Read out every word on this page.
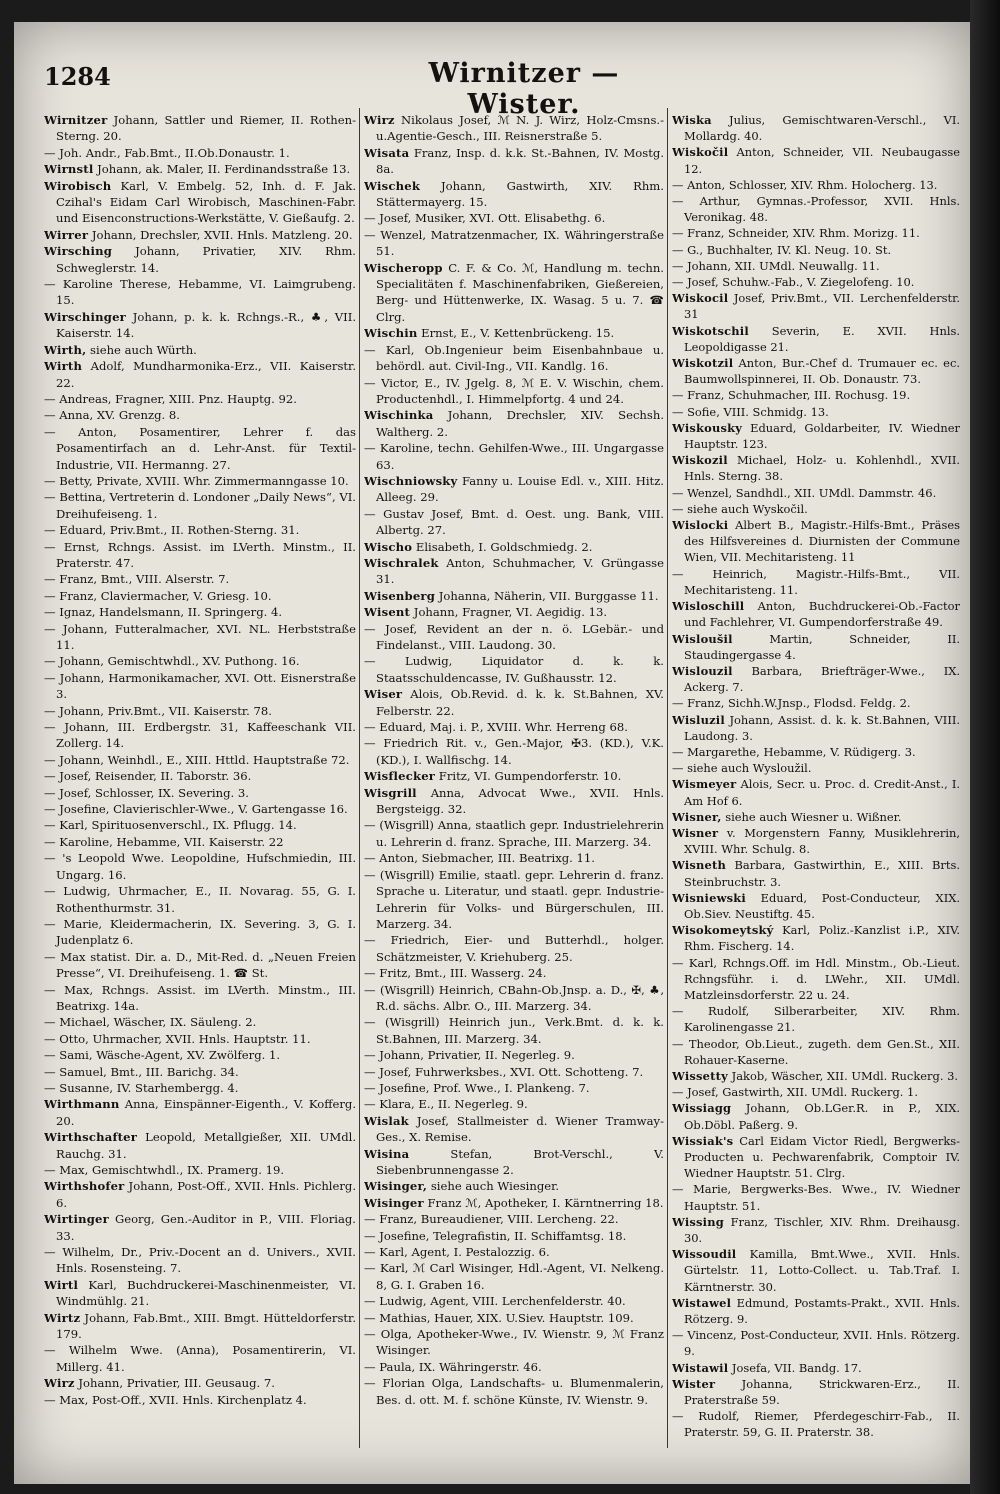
1284	Wirnitzer — Wister.

Wirnitzer Johann, Sattler und Riemer, II. Rothen-Sterng. 20.

— Joh. Andr., Fab.Bmt., II.Ob.Donaustr. 1.

Wirnstl Johann, ak. Maler, II. Ferdinandsstraße 13.

Wirobisch Karl, V. Embelg. 52, Inh. d. F. Jak. Czihal's Eidam Carl Wirobisch, Maschinen-Fabr. und Eisenconstructions-Werkstätte, V. Gießaufg. 2.

Wirrer Johann, Drechsler, XVII. Hnls. Matzleng. 20.

Wirsching Johann, Privatier, XIV. Rhm. Schweglerstr. 14.

— Karoline Therese, Hebamme, VI. Laimgrubeng. 15.

Wirschinger Johann, p. k. k. Rchngs.-R., ♣, VII. Kaiserstr. 14.

Wirth, siehe auch Würth.

Wirth Adolf, Mundharmonika-Erz., VII. Kaiserstr. 22.

— Andreas, Fragner, XIII. Pnz. Hauptg. 92.

— Anna, XV. Grenzg. 8.

— Anton, Posamentirer, Lehrer f. das Posamentirfach an d. Lehr-Anst. für Textil-Industrie, VII. Hermanng. 27.

— Betty, Private, XVIII. Whr. Zimmermanngasse 10.

— Bettina, Vertreterin d. Londoner „Daily News“, VI. Dreihufeiseng. 1.

— Eduard, Priv.Bmt., II. Rothen-Sterng. 31.

— Ernst, Rchngs. Assist. im LVerth. Minstm., II. Praterstr. 47.

— Franz, Bmt., VIII. Alserstr. 7.

— Franz, Claviermacher, V. Griesg. 10.

— Ignaz, Handelsmann, II. Springerg. 4.

— Johann, Futteralmacher, XVI. NL. Herbststraße 11.

— Johann, Gemischtwhdl., XV. Puthong. 16.

— Johann, Harmonikamacher, XVI. Ott. Eisnerstraße 3.

— Johann, Priv.Bmt., VII. Kaiserstr. 78.

— Johann, III. Erdbergstr. 31, Kaffeeschank VII. Zollerg. 14.

— Johann, Weinhdl., E., XIII. Httld. Hauptstraße 72.

— Josef, Reisender, II. Taborstr. 36.

— Josef, Schlosser, IX. Severing. 3.

— Josefine, Clavierischler-Wwe., V. Gartengasse 16.

— Karl, Spirituosenverschl., IX. Pflugg. 14.

— Karoline, Hebamme, VII. Kaiserstr. 22

— 's Leopold Wwe. Leopoldine, Hufschmiedin, III. Ungarg. 16.

— Ludwig, Uhrmacher, E., II. Novarag. 55, G. I. Rothenthurmstr. 31.

— Marie, Kleidermacherin, IX. Severing. 3, G. I. Judenplatz 6.

— Max statist. Dir. a. D., Mit-Red. d. „Neuen Freien Presse“, VI. Dreihufeiseng. 1. ☎ St.

— Max, Rchngs. Assist. im LVerth. Minstm., III. Beatrixg. 14a.

— Michael, Wäscher, IX. Säuleng. 2.

— Otto, Uhrmacher, XVII. Hnls. Hauptstr. 11.

— Sami, Wäsche-Agent, XV. Zwölferg. 1.

— Samuel, Bmt., III. Barichg. 34.

— Susanne, IV. Starhembergg. 4.

Wirthmann Anna, Einspänner-Eigenth., V. Kofferg. 20.

Wirthschafter Leopold, Metallgießer, XII. UMdl. Rauchg. 31.

— Max, Gemischtwhdl., IX. Pramerg. 19.

Wirthshofer Johann, Post-Off., XVII. Hnls. Pichlerg. 6.

Wirtinger Georg, Gen.-Auditor in P., VIII. Floriag. 33.

— Wilhelm, Dr., Priv.-Docent an d. Univers., XVII. Hnls. Rosensteing. 7.

Wirtl Karl, Buchdruckerei-Maschinenmeister, VI. Windmühlg. 21.

Wirtz Johann, Fab.Bmt., XIII. Bmgt. Hütteldorferstr. 179.

— Wilhelm Wwe. (Anna), Posamentirerin, VI. Millerg. 41.

Wirz Johann, Privatier, III. Geusaug. 7.

— Max, Post-Off., XVII. Hnls. Kirchenplatz 4.

Wirz Nikolaus Josef, ℳ N. J. Wirz, Holz-Cmsns.-u.Agentie-Gesch., III. Reisnerstraße 5.

Wisata Franz, Insp. d. k.k. St.-Bahnen, IV. Mostg. 8a.

Wischek Johann, Gastwirth, XIV. Rhm. Stättermayerg. 15.

— Josef, Musiker, XVI. Ott. Elisabethg. 6.

— Wenzel, Matratzenmacher, IX. Währingerstraße 51.

Wischeropp C. F. & Co. ℳ, Handlung m. techn. Specialitäten f. Maschinenfabriken, Gießereien, Berg- und Hüttenwerke, IX. Wasag. 5 u. 7. ☎ Clrg.

Wischin Ernst, E., V. Kettenbrückeng. 15.

— Karl, Ob.Ingenieur beim Eisenbahnbaue u. behördl. aut. Civil-Ing., VII. Kandlg. 16.

— Victor, E., IV. Jgelg. 8, ℳ E. V. Wischin, chem. Productenhdl., I. Himmelpfortg. 4 und 24.

Wischinka Johann, Drechsler, XIV. Sechsh. Waltherg. 2.

— Karoline, techn. Gehilfen-Wwe., III. Ungargasse 63.

Wischniowsky Fanny u. Louise Edl. v., XIII. Hitz. Alleeg. 29.

— Gustav Josef, Bmt. d. Oest. ung. Bank, VIII. Albertg. 27.

Wischo Elisabeth, I. Goldschmiedg. 2.

Wischralek Anton, Schuhmacher, V. Grüngasse 31.

Wisenberg Johanna, Näherin, VII. Burggasse 11.

Wisent Johann, Fragner, VI. Aegidig. 13.

— Josef, Revident an der n. ö. LGebär.- und Findelanst., VIII. Laudong. 30.

— Ludwig, Liquidator d. k. k. Staatsschuldencasse, IV. Gußhausstr. 12.

Wiser Alois, Ob.Revid. d. k. k. St.Bahnen, XV. Felberstr. 22.

— Eduard, Maj. i. P., XVIII. Whr. Herreng 68.

— Friedrich Rit. v., Gen.-Major, ✠3. (KD.), V.K. (KD.), I. Wallfischg. 14.

Wisflecker Fritz, VI. Gumpendorferstr. 10.

Wisgrill Anna, Advocat Wwe., XVII. Hnls. Bergsteigg. 32.

— (Wisgrill) Anna, staatlich gepr. Industrielehrerin u. Lehrerin d. franz. Sprache, III. Marzerg. 34.

— Anton, Siebmacher, III. Beatrixg. 11.

— (Wisgrill) Emilie, staatl. gepr. Lehrerin d. franz. Sprache u. Literatur, und staatl. gepr. Industrie-Lehrerin für Volks- und Bürgerschulen, III. Marzerg. 34.

— Friedrich, Eier- und Butterhdl., holger. Schätzmeister, V. Kriehuberg. 25.

— Fritz, Bmt., III. Wasserg. 24.

— (Wisgrill) Heinrich, CBahn-Ob.Jnsp. a. D., ✠, ♣, R.d. sächs. Albr. O., III. Marzerg. 34.

— (Wisgrill) Heinrich jun., Verk.Bmt. d. k. k. St.Bahnen, III. Marzerg. 34.

— Johann, Privatier, II. Negerleg. 9.

— Josef, Fuhrwerksbes., XVI. Ott. Schotteng. 7.

— Josefine, Prof. Wwe., I. Plankeng. 7.

— Klara, E., II. Negerleg. 9.

Wislak Josef, Stallmeister d. Wiener Tramway-Ges., X. Remise.

Wisina	Stefan, Brot-Verschl., V. Siebenbrunnengasse 2.

Wisinger, siehe auch Wiesinger.

Wisinger Franz ℳ, Apotheker, I. Kärntnerring 18.

— Franz, Bureaudiener, VIII. Lercheng. 22.

— Josefine, Telegrafistin, II. Schiffamtsg. 18.

— Karl, Agent, I. Pestalozzig. 6.

— Karl, ℳ Carl Wisinger, Hdl.-Agent, VI. Nelkeng. 8, G. I. Graben 16.

— Ludwig, Agent, VIII. Lerchenfelderstr. 40.

— Mathias, Hauer, XIX. U.Siev. Hauptstr. 109.

— Olga, Apotheker-Wwe., IV. Wienstr. 9, ℳ Franz Wisinger.

— Paula, IX. Währingerstr. 46.

— Florian Olga, Landschafts- u. Blumenmalerin, Bes. d. ott. M. f. schöne Künste, IV. Wienstr. 9.

Wiska Julius, Gemischtwaren-Verschl., VI. Mollardg. 40.

Wiskočil Anton, Schneider, VII. Neubaugasse 12.

— Anton, Schlosser, XIV. Rhm. Holocherg. 13.

— Arthur, Gymnas.-Professor, XVII. Hnls. Veronikag. 48.

— Franz, Schneider, XIV. Rhm. Morizg. 11.

— G., Buchhalter, IV. Kl. Neug. 10. St.

— Johann, XII. UMdl. Neuwallg. 11.

— Josef, Schuhw.-Fab., V. Ziegelofeng. 10.

Wiskocil Josef, Priv.Bmt., VII. Lerchenfelderstr. 31

Wiskotschil Severin, E. XVII. Hnls. Leopoldigasse 21.

Wiskotzil Anton, Bur.-Chef d. Trumauer ec. ec. Baumwollspinnerei, II. Ob. Donaustr. 73.

— Franz, Schuhmacher, III. Rochusg. 19.

— Sofie, VIII. Schmidg. 13.

Wiskousky Eduard, Goldarbeiter, IV. Wiedner Hauptstr. 123.

Wiskozil Michael, Holz- u. Kohlenhdl., XVII. Hnls. Sterng. 38.

— Wenzel, Sandhdl., XII. UMdl. Dammstr. 46.

— siehe auch Wyskočil.

Wislocki Albert B., Magistr.-Hilfs-Bmt., Präses des Hilfsvereines d. Diurnisten der Commune Wien, VII. Mechitaristeng. 11

— Heinrich, Magistr.-Hilfs-Bmt., VII. Mechitaristeng. 11.

Wisloschill Anton, Buchdruckerei-Ob.-Factor und Fachlehrer, VI. Gumpendorferstraße 49.

Wisloušil	Martin, Schneider, II. Staudingergasse 4.

Wislouzil Barbara, Briefträger-Wwe., IX. Ackerg. 7.

— Franz, Sichh.W.Jnsp., Flodsd. Feldg. 2.

Wisluzil Johann, Assist. d. k. k. St.Bahnen, VIII. Laudong. 3.

— Margarethe, Hebamme, V. Rüdigerg. 3.

— siehe auch Wysloužil.

Wismeyer Alois, Secr. u. Proc. d. Credit-Anst., I. Am Hof 6.

Wisner, siehe auch Wiesner u. Wißner.

Wisner v. Morgenstern Fanny, Musiklehrerin, XVIII. Whr. Schulg. 8.

Wisneth Barbara, Gastwirthin, E., XIII. Brts. Steinbruchstr. 3.

Wisniewski Eduard, Post-Conducteur, XIX. Ob.Siev. Neustiftg. 45.

Wisokomeytský Karl, Poliz.-Kanzlist i.P., XIV. Rhm. Fischerg. 14.

— Karl, Rchngs.Off. im Hdl. Minstm., Ob.-Lieut. Rchngsführ. i. d. LWehr., XII. UMdl. Matzleinsdorferstr. 22 u. 24.

— Rudolf, Silberarbeiter, XIV. Rhm. Karolinengasse 21.

— Theodor, Ob.Lieut., zugeth. dem Gen.St., XII. Rohauer-Kaserne.

Wissetty Jakob, Wäscher, XII. UMdl. Ruckerg. 3.

— Josef, Gastwirth, XII. UMdl. Ruckerg. 1.

Wissiagg Johann, Ob.LGer.R. in P., XIX. Ob.Döbl. Paßerg. 9.

Wissiak's Carl Eidam Victor Riedl, Bergwerks-Producten u. Pechwarenfabrik, Comptoir IV. Wiedner Hauptstr. 51. Clrg.

— Marie, Bergwerks-Bes. Wwe., IV. Wiedner Hauptstr. 51.

Wissing Franz, Tischler, XIV. Rhm. Dreihausg. 30.

Wissoudil Kamilla, Bmt.Wwe., XVII. Hnls. Gürtelstr. 11, Lotto-Collect. u. Tab.Traf. I. Kärntnerstr. 30.

Wistawel Edmund, Postamts-Prakt., XVII. Hnls. Rötzerg. 9.

— Vincenz, Post-Conducteur, XVII. Hnls. Rötzerg. 9.

Wistawil Josefa, VII. Bandg. 17.

Wister Johanna, Strickwaren-Erz., II. Praterstraße 59.

— Rudolf, Riemer, Pferdegeschirr-Fab., II. Praterstr. 59, G. II. Praterstr. 38.
